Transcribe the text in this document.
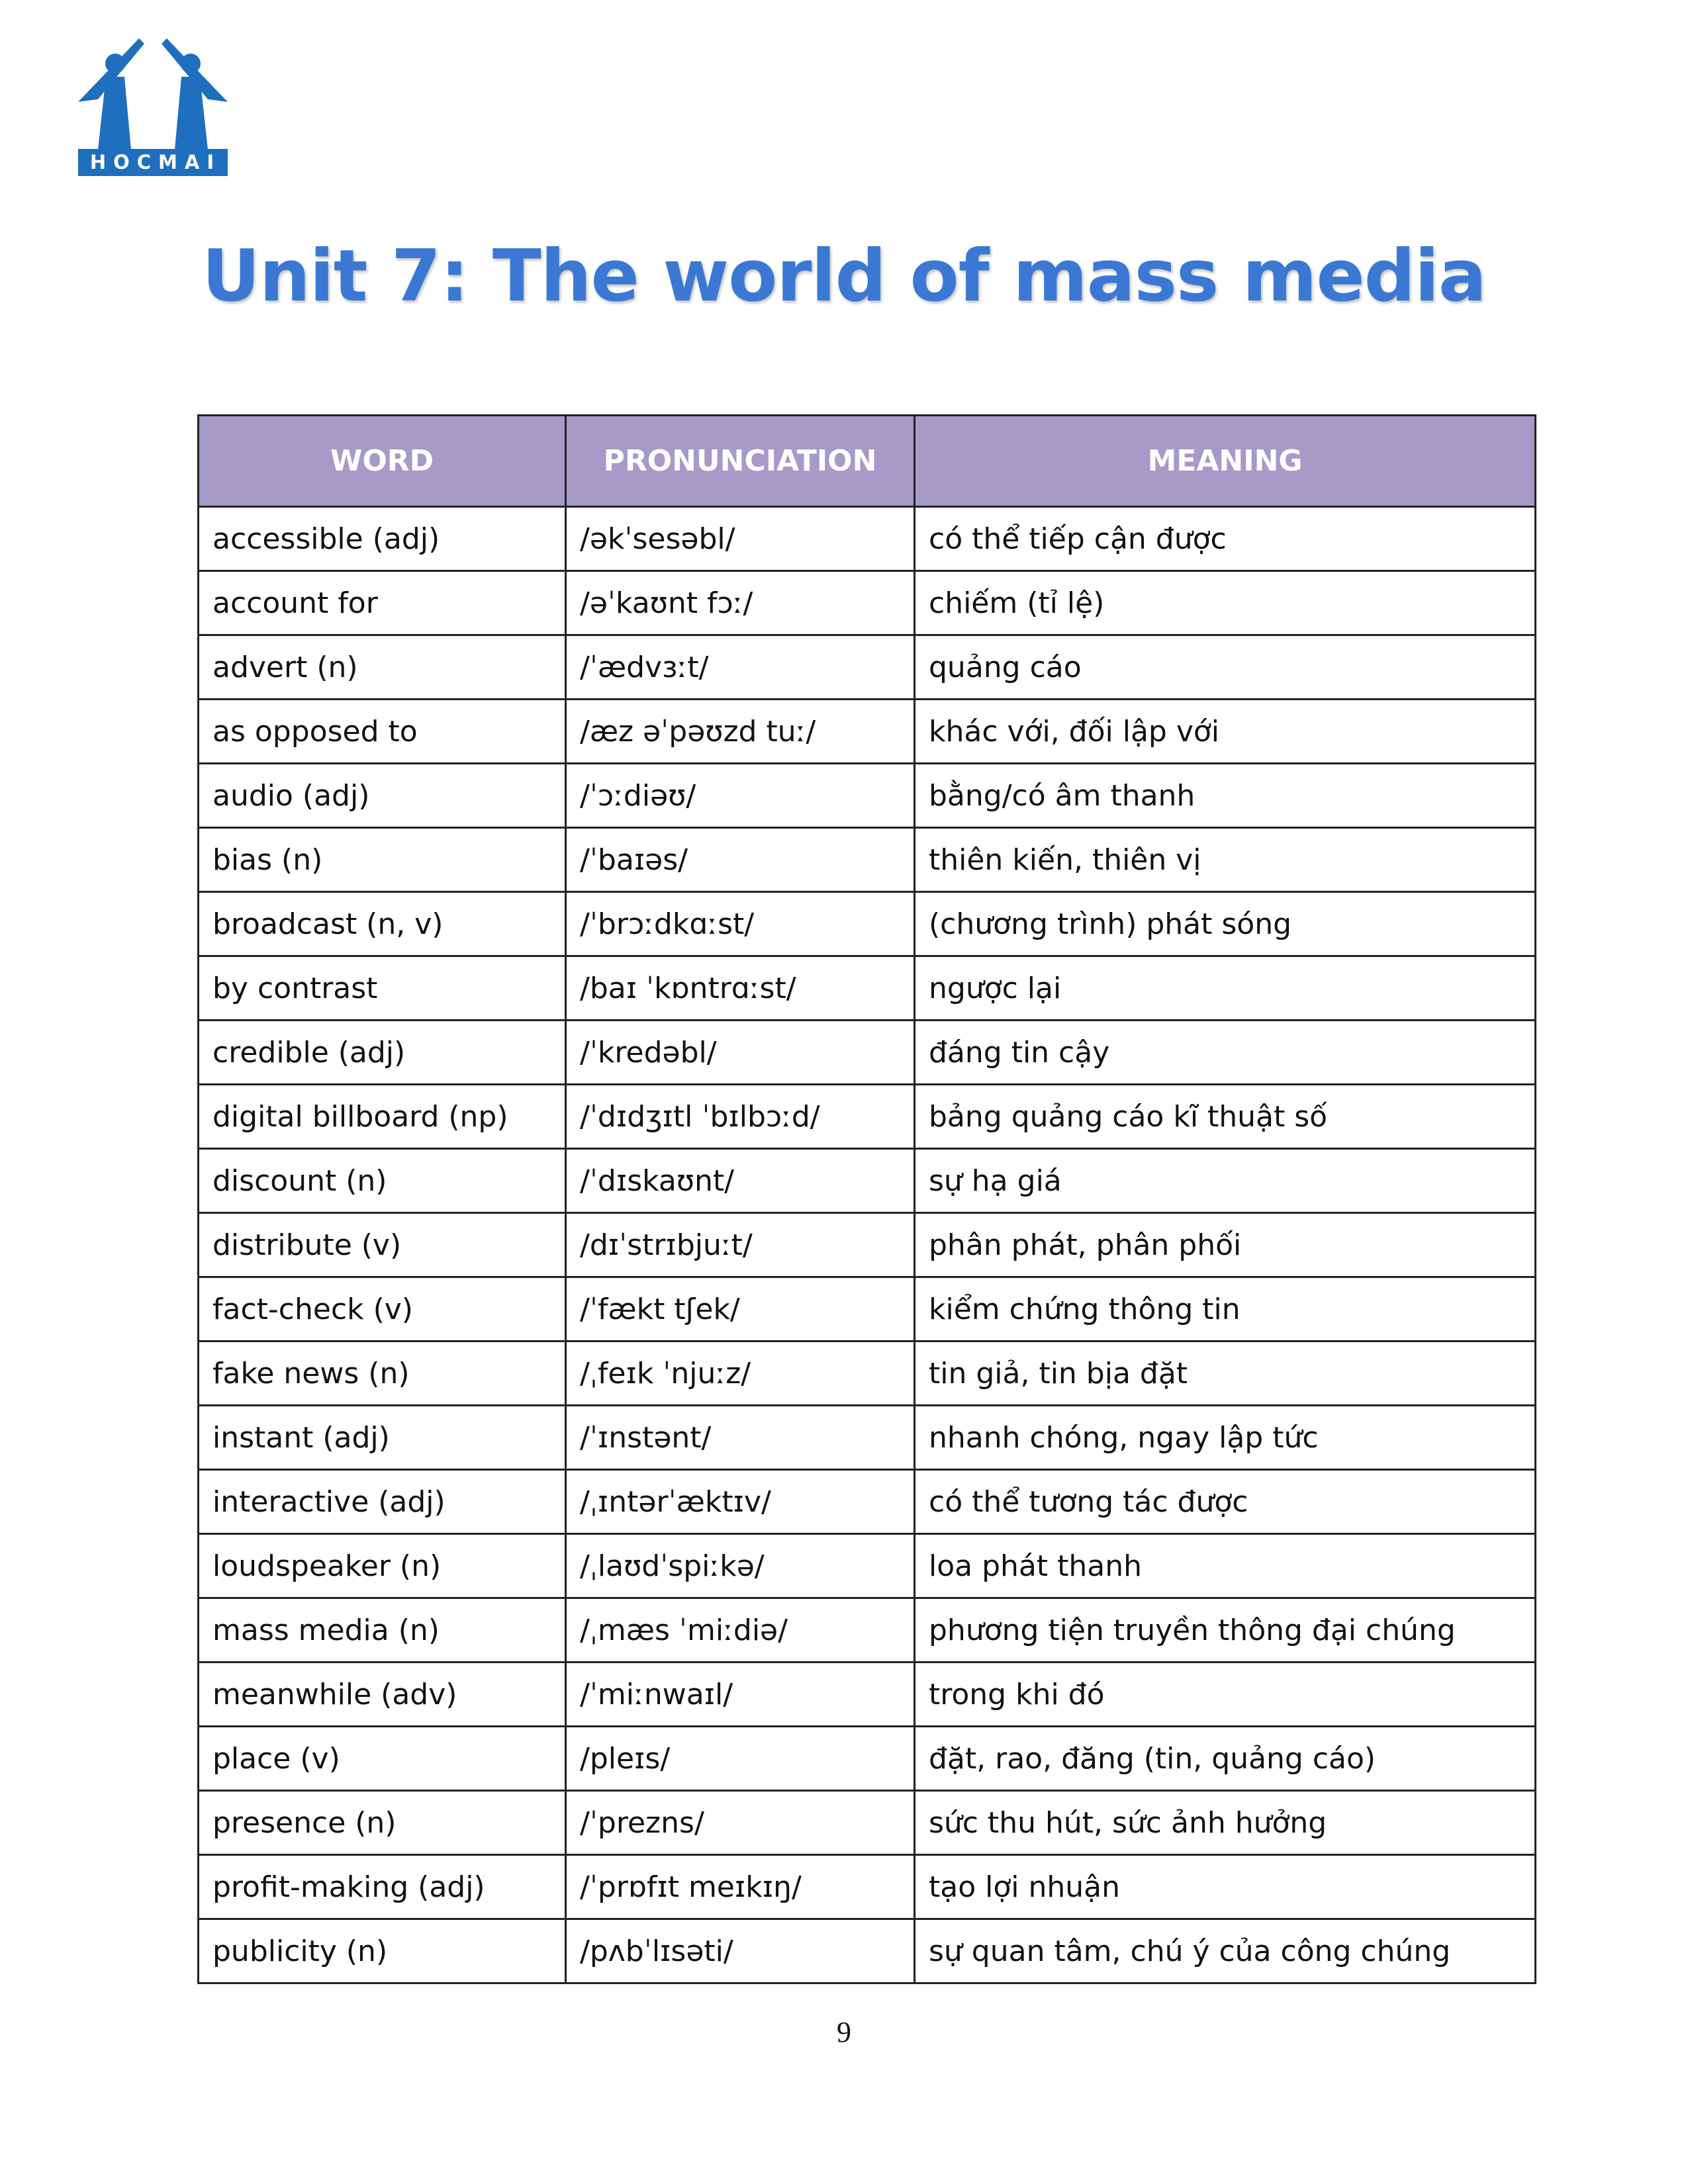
HOCMAI
Unit 7: The world of mass media
WORD	PRONUNCIATION	MEANING
accessible (adj)	/əkˈsesəbl/	có thể tiếp cận được
account for	/əˈkaʊnt fɔː/	chiếm (tỉ lệ)
advert (n)	/ˈædvɜːt/	quảng cáo
as opposed to	/æz əˈpəʊzd tuː/	khác với, đối lập với
audio (adj)	/ˈɔːdiəʊ/	bằng/có âm thanh
bias (n)	/ˈbaɪəs/	thiên kiến, thiên vị
broadcast (n, v)	/ˈbrɔːdkɑːst/	(chương trình) phát sóng
by contrast	/baɪ ˈkɒntrɑːst/	ngược lại
credible (adj)	/ˈkredəbl/	đáng tin cậy
digital billboard (np)	/ˈdɪdʒɪtl ˈbɪlbɔːd/	bảng quảng cáo kĩ thuật số
discount (n)	/ˈdɪskaʊnt/	sự hạ giá
distribute (v)	/dɪˈstrɪbjuːt/	phân phát, phân phối
fact-check (v)	/ˈfækt tʃek/	kiểm chứng thông tin
fake news (n)	/ˌfeɪk ˈnjuːz/	tin giả, tin bịa đặt
instant (adj)	/ˈɪnstənt/	nhanh chóng, ngay lập tức
interactive (adj)	/ˌɪntərˈæktɪv/	có thể tương tác được
loudspeaker (n)	/ˌlaʊdˈspiːkə/	loa phát thanh
mass media (n)	/ˌmæs ˈmiːdiə/	phương tiện truyền thông đại chúng
meanwhile (adv)	/ˈmiːnwaɪl/	trong khi đó
place (v)	/pleɪs/	đặt, rao, đăng (tin, quảng cáo)
presence (n)	/ˈprezns/	sức thu hút, sức ảnh hưởng
profit-making (adj)	/ˈprɒfɪt meɪkɪŋ/	tạo lợi nhuận
publicity (n)	/pʌbˈlɪsəti/	sự quan tâm, chú ý của công chúng
9
